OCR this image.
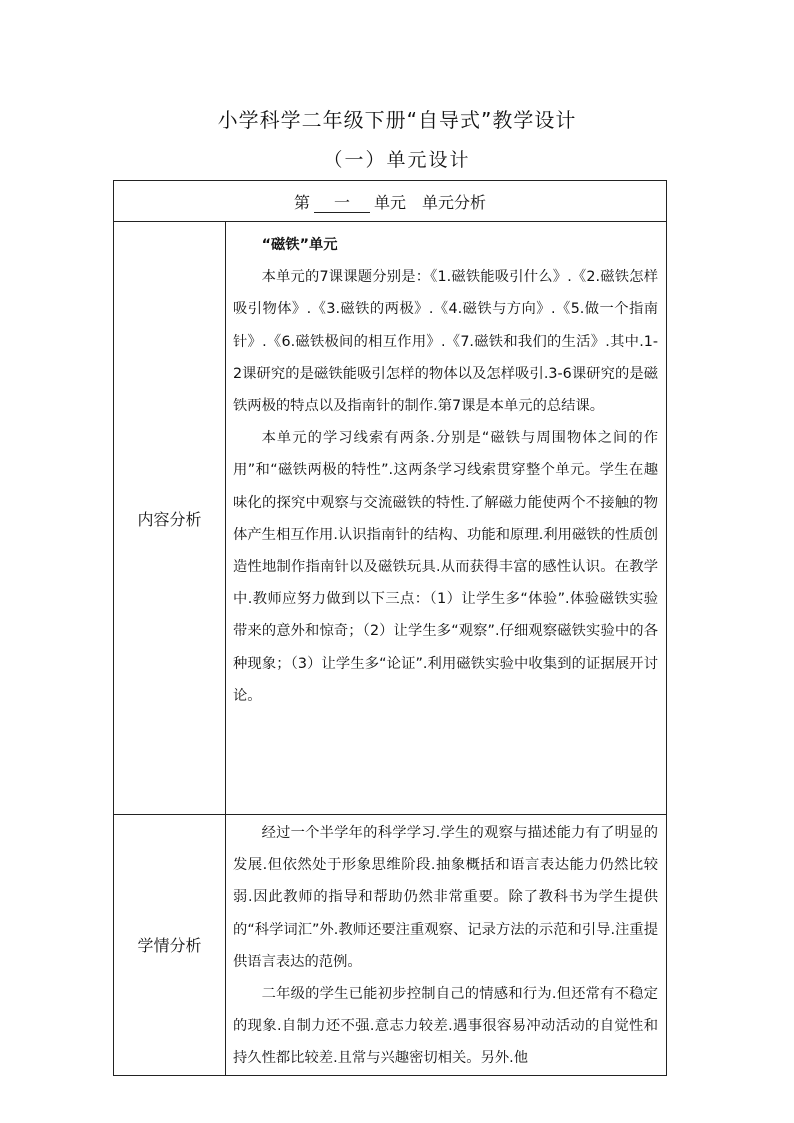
小学科学二年级下册“自导式”教学设计
（一）单元设计
第 一 单元　单元分析	
内容分析	“磁铁”单元

本单元的7课课题分别是：《1.磁铁能吸引什么》.《2.磁铁怎样吸引物体》.《3.磁铁的两极》.《4.磁铁与方向》.《5.做一个指南针》.《6.磁铁极间的相互作用》.《7.磁铁和我们的生活》.其中.1-2课研究的是磁铁能吸引怎样的物体以及怎样吸引.3-6课研究的是磁铁两极的特点以及指南针的制作.第7课是本单元的总结课。

本单元的学习线索有两条.分别是“磁铁与周围物体之间的作用”和“磁铁两极的特性”.这两条学习线索贯穿整个单元。学生在趣味化的探究中观察与交流磁铁的特性.了解磁力能使两个不接触的物体产生相互作用.认识指南针的结构、功能和原理.利用磁铁的性质创造性地制作指南针以及磁铁玩具.从而获得丰富的感性认识。在教学中.教师应努力做到以下三点：（1）让学生多“体验”.体验磁铁实验带来的意外和惊奇；（2）让学生多“观察”.仔细观察磁铁实验中的各种现象；（3）让学生多“论证”.利用磁铁实验中收集到的证据展开讨论。

学情分析	经过一个半学年的科学学习.学生的观察与描述能力有了明显的发展.但依然处于形象思维阶段.抽象概括和语言表达能力仍然比较弱.因此教师的指导和帮助仍然非常重要。除了教科书为学生提供的“科学词汇”外.教师还要注重观察、记录方法的示范和引导.注重提供语言表达的范例。

二年级的学生已能初步控制自己的情感和行为.但还常有不稳定的现象.自制力还不强.意志力较差.遇事很容易冲动活动的自觉性和持久性都比较差.且常与兴趣密切相关。另外.他
